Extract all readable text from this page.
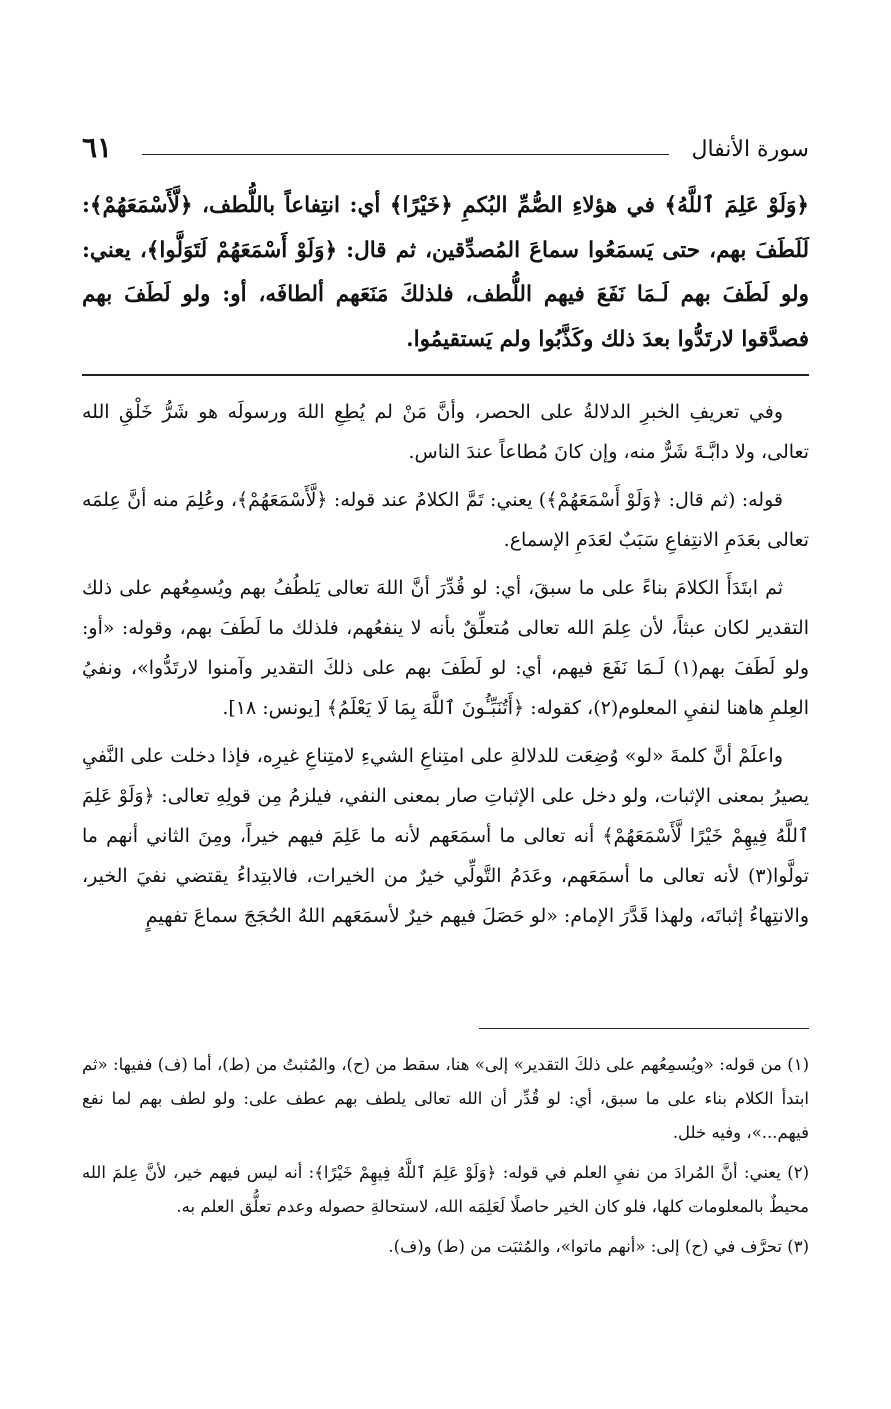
سورة الأنفال
٦١
﴿وَلَوْ عَلِمَ ٱللَّهُ﴾ في هؤلاءِ الصُّمِّ البُكمِ ﴿خَيْرًا﴾ أي: انتِفاعاً باللُّطف، ﴿لَّأَسْمَعَهُمْ﴾: لَلَطَفَ بهم، حتى يَسمَعُوا سماعَ المُصدِّقين، ثم قال: ﴿وَلَوْ أَسْمَعَهُمْ لَتَوَلَّوا﴾، يعني: ولو لَطَفَ بهم لَـمَا نَفَعَ فيهم اللُّطف، فلذلكَ مَنَعَهم ألطافَه، أو: ولو لَطَفَ بهم فصدَّقوا لارتَدُّوا بعدَ ذلك وكَذَّبُوا ولم يَستقيمُوا.

وفي تعريفِ الخبرِ الدلالةُ على الحصر، وأنَّ مَنْ لم يُطِعِ اللهَ ورسولَه هو شَرُّ خَلْقِ الله تعالى، ولا دابَّـةَ شَرٌّ منه، وإن كانَ مُطاعاً عندَ الناس.

قوله: (ثم قال: ﴿وَلَوْ أَسْمَعَهُمْ﴾) يعني: تَمَّ الكلامُ عند قوله: ﴿لَّأَسْمَعَهُمْ﴾، وعُلِمَ منه أنَّ عِلمَه تعالى بعَدَمِ الانتِفاعِ سَبَبٌ لعَدَمِ الإسماع.

ثم ابتَدَأَ الكلامَ بناءً على ما سبقَ، أي: لو قُدِّرَ أنَّ اللهَ تعالى يَلطُفُ بهم ويُسمِعُهم على ذلك التقدير لكان عبثاً، لأن عِلمَ الله تعالى مُتعلِّقٌ بأنه لا ينفعُهم، فلذلك ما لَطَفَ بهم، وقوله: «أو: ولو لَطَفَ بهم(١) لَـمَا نَفَعَ فيهم، أي: لو لَطَفَ بهم على ذلكَ التقدير وآمنوا لارتَدُّوا»، ونفيُ العِلمِ هاهنا لنفيِ المعلوم(٢)، كقوله: ﴿أَتُنَبِّـُٔونَ ٱللَّهَ بِمَا لَا يَعْلَمُ﴾ [يونس: ١٨].

واعلَمْ أنَّ كلمةَ «لو» وُضِعَت للدلالةِ على امتِناعِ الشيءِ لامتِناعِ غيرِه، فإذا دخلت على النَّفيِ يصيرُ بمعنى الإثبات، ولو دخل على الإثباتِ صار بمعنى النفي، فيلزمُ مِن قولِهِ تعالى: ﴿وَلَوْ عَلِمَ ٱللَّهُ فِيهِمْ خَيْرًا لَّأَسْمَعَهُمْ﴾ أنه تعالى ما أسمَعَهم لأنه ما عَلِمَ فيهم خيراً، ومِنَ الثاني أنهم ما تولَّوا(٣) لأنه تعالى ما أسمَعَهم، وعَدَمُ التَّولِّي خيرٌ من الخيرات، فالابتِداءُ يقتضي نفيَ الخير، والانتِهاءُ إثباتَه، ولهذا قَدَّرَ الإمام: «لو حَصَلَ فيهم خيرٌ لأسمَعَهم اللهُ الحُجَجَ سماعَ تفهيمٍ

(١) من قوله: «ويُسمِعُهم على ذلكَ التقدير» إلى» هنا، سقط من (ح)، والمُثبتُ من (ط)، أما (ف) ففيها: «ثم ابتدأ الكلام بناء على ما سبق، أي: لو قُدِّر أن الله تعالى يلطف بهم عطف على: ولو لطف بهم لما نفع فيهم...»، وفيه خلل.

(٢) يعني: أنَّ المُرادَ من نفيِ العلم في قوله: ﴿وَلَوْ عَلِمَ ٱللَّهُ فِيهِمْ خَيْرًا﴾: أنه ليس فيهم خير، لأنَّ عِلمَ الله محيطٌ بالمعلومات كلها، فلو كان الخير حاصلًا لَعَلِمَه الله، لاستحالةِ حصوله وعدم تعلُّق العلم به.

(٣) تحرَّف في (ح) إلى: «أنهم ماتوا»، والمُثبَت من (ط) و(ف).
